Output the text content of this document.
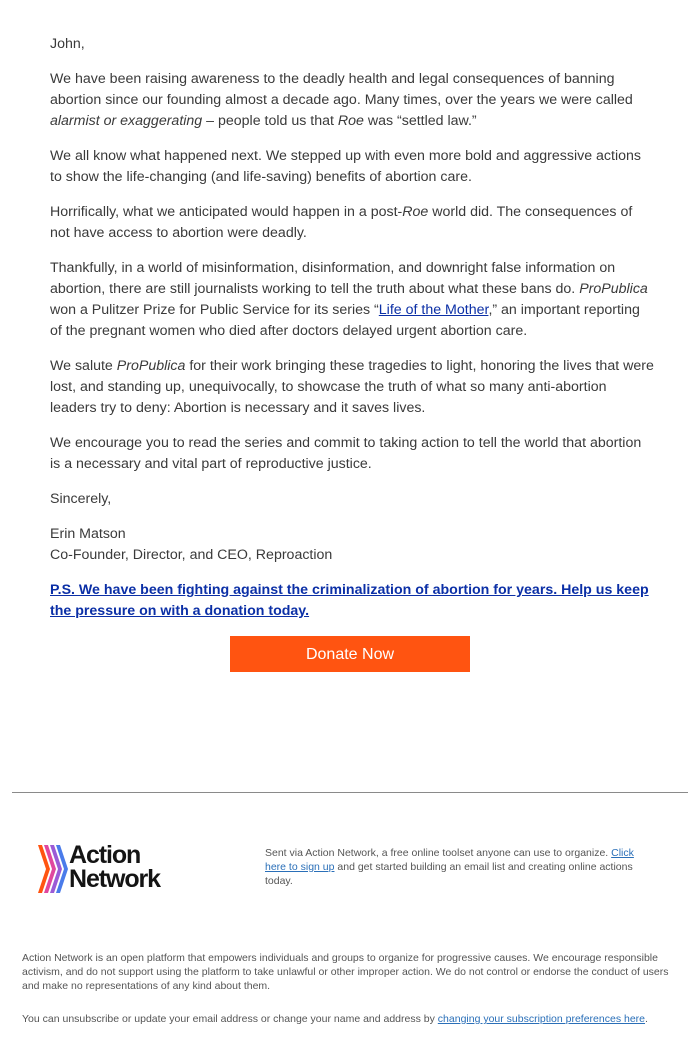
John,

We have been raising awareness to the deadly health and legal consequences of banning abortion since our founding almost a decade ago. Many times, over the years we were called alarmist or exaggerating – people told us that Roe was “settled law.”

We all know what happened next. We stepped up with even more bold and aggressive actions to show the life-changing (and life-saving) benefits of abortion care.

Horrifically, what we anticipated would happen in a post-Roe world did. The consequences of not have access to abortion were deadly.

Thankfully, in a world of misinformation, disinformation, and downright false information on abortion, there are still journalists working to tell the truth about what these bans do. ProPublica won a Pulitzer Prize for Public Service for its series “Life of the Mother,” an important reporting of the pregnant women who died after doctors delayed urgent abortion care.

We salute ProPublica for their work bringing these tragedies to light, honoring the lives that were lost, and standing up, unequivocally, to showcase the truth of what so many anti-abortion leaders try to deny: Abortion is necessary and it saves lives.

We encourage you to read the series and commit to taking action to tell the world that abortion is a necessary and vital part of reproductive justice.

Sincerely,

Erin Matson
Co-Founder, Director, and CEO, Reproaction

P.S. We have been fighting against the criminalization of abortion for years. Help us keep the pressure on with a donation today.

Donate Now
Action
Network
Sent via Action Network, a free online toolset anyone can use to organize. Click here to sign up and get started building an email list and creating online actions today.
Action Network is an open platform that empowers individuals and groups to organize for progressive causes. We encourage responsible activism, and do not support using the platform to take unlawful or other improper action. We do not control or endorse the conduct of users and make no representations of any kind about them.
You can unsubscribe or update your email address or change your name and address by changing your subscription preferences here.
